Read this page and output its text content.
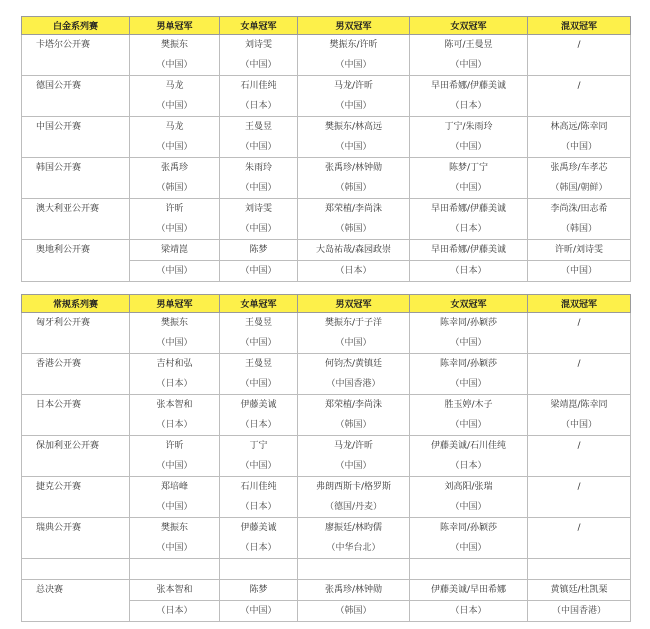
白金系列赛	男单冠军	女单冠军	男双冠军	女双冠军	混双冠军
卡塔尔公开赛	樊振东	刘诗雯	樊振东/许昕	陈可/王曼昱	/
	（中国）	（中国）	（中国）	（中国）	
德国公开赛	马龙	石川佳纯	马龙/许昕	早田希娜/伊藤美诚	/
	（中国）	（日本）	（中国）	（日本）	
中国公开赛	马龙	王曼昱	樊振东/林高远	丁宁/朱雨玲	林高远/陈幸同
	（中国）	（中国）	（中国）	（中国）	（中国）
韩国公开赛	张禹珍	朱雨玲	张禹珍/林钟勋	陈梦/丁宁	张禹珍/车孝芯
	（韩国）	（中国）	（韩国）	（中国）	（韩国/朝鲜）
澳大利亚公开赛	许昕	刘诗雯	郑荣植/李尚洙	早田希娜/伊藤美诚	李尚洙/田志希
	（中国）	（中国）	（韩国）	（日本）	（韩国）
奥地利公开赛	梁靖崑	陈梦	大岛祐哉/森园政崇	早田希娜/伊藤美诚	许昕/刘诗雯
	（中国）	（中国）	（日本）	（日本）	（中国）
常规系列赛	男单冠军	女单冠军	男双冠军	女双冠军	混双冠军
匈牙利公开赛	樊振东	王曼昱	樊振东/于子洋	陈幸同/孙颖莎	/
	（中国）	（中国）	（中国）	（中国）	
香港公开赛	吉村和弘	王曼昱	何钧杰/黄镇廷	陈幸同/孙颖莎	/
	（日本）	（中国）	（中国香港）	（中国）	
日本公开赛	张本智和	伊藤美诚	郑荣植/李尚洙	胜玉婷/木子	梁靖崑/陈幸同
	（日本）	（日本）	（韩国）	（中国）	（中国）
保加利亚公开赛	许昕	丁宁	马龙/许昕	伊藤美诚/石川佳纯	/
	（中国）	（中国）	（中国）	（日本）	
捷克公开赛	郑培峰	石川佳纯	弗朗西斯卡/格罗斯	刘高阳/张瑞	/
	（中国）	（日本）	（德国/丹麦）	（中国）	
瑞典公开赛	樊振东	伊藤美诚	廖振廷/林昀儒	陈幸同/孙颖莎	/
	（中国）	（日本）	（中华台北）	（中国）	

总决赛	张本智和	陈梦	张禹珍/林钟勋	伊藤美诚/早田希娜	黄镇廷/杜凯琹
	（日本）	（中国）	（韩国）	（日本）	（中国香港）
